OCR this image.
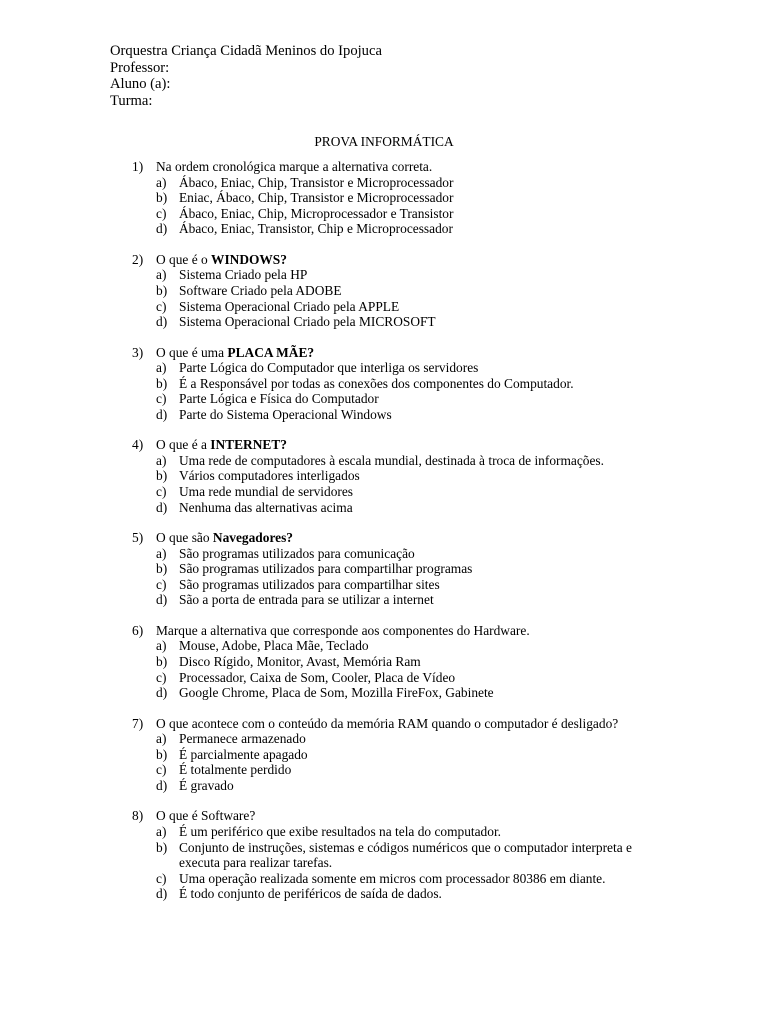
Orquestra Criança Cidadã Meninos do Ipojuca
Professor:
Aluno (a):
Turma:
PROVA INFORMÁTICA
1) Na ordem cronológica marque a alternativa correta.
a) Ábaco, Eniac, Chip, Transistor e Microprocessador
b) Eniac, Ábaco, Chip, Transistor e Microprocessador
c) Ábaco, Eniac, Chip, Microprocessador e Transistor
d) Ábaco, Eniac, Transistor, Chip e Microprocessador
2) O que é o WINDOWS?
a) Sistema Criado pela HP
b) Software Criado pela ADOBE
c) Sistema Operacional Criado pela APPLE
d) Sistema Operacional Criado pela MICROSOFT
3) O que é uma PLACA MÃE?
a) Parte Lógica do Computador que interliga os servidores
b) É a Responsável por todas as conexões dos componentes do Computador.
c) Parte Lógica e Física do Computador
d) Parte do Sistema Operacional Windows
4) O que é a INTERNET?
a) Uma rede de computadores à escala mundial, destinada à troca de informações.
b) Vários computadores interligados
c) Uma rede mundial de servidores
d) Nenhuma das alternativas acima
5) O que são Navegadores?
a) São programas utilizados para comunicação
b) São programas utilizados para compartilhar programas
c) São programas utilizados para compartilhar sites
d) São a porta de entrada para se utilizar a internet
6) Marque a alternativa que corresponde aos componentes do Hardware.
a) Mouse, Adobe, Placa Mãe, Teclado
b) Disco Rígido, Monitor, Avast, Memória Ram
c) Processador, Caixa de Som, Cooler, Placa de Vídeo
d) Google Chrome, Placa de Som, Mozilla FireFox, Gabinete
7) O que acontece com o conteúdo da memória RAM quando o computador é desligado?
a) Permanece armazenado
b) É parcialmente apagado
c) É totalmente perdido
d) É gravado
8) O que é Software?
a) É um periférico que exibe resultados na tela do computador.
b) Conjunto de instruções, sistemas e códigos numéricos que o computador interpreta e executa para realizar tarefas.
c) Uma operação realizada somente em micros com processador 80386 em diante.
d) É todo conjunto de periféricos de saída de dados.
